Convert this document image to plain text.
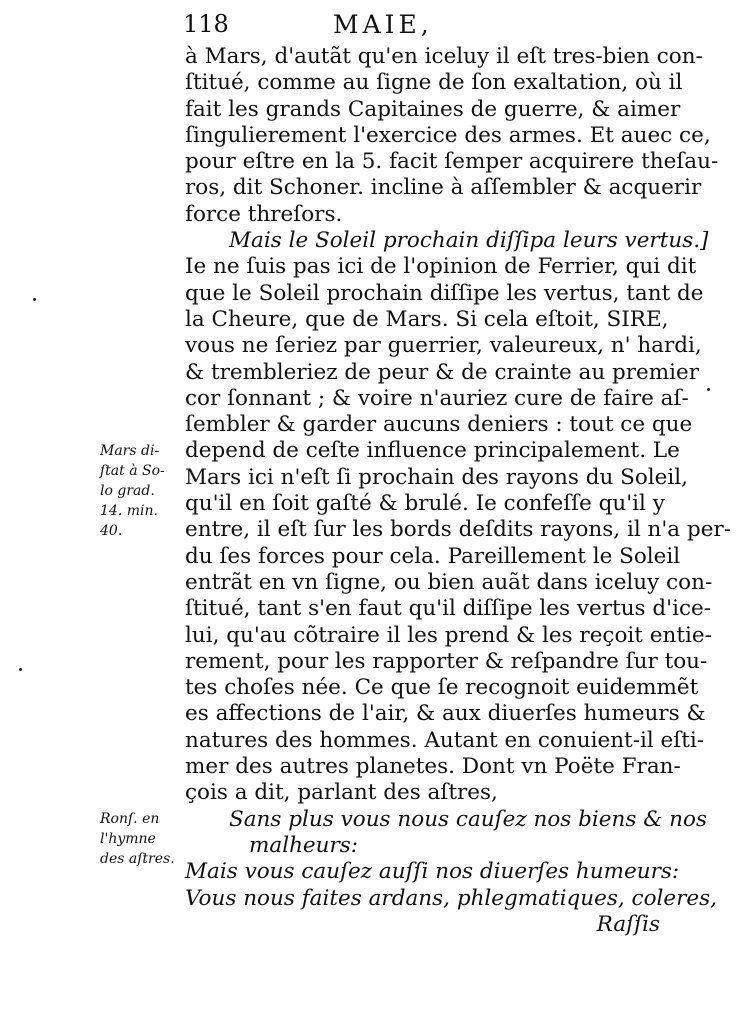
118	MAIE,
à Mars, d'autãt qu'en iceluy il eſt tres-bien con-
ſtitué, comme au ſigne de ſon exaltation, où il
fait les grands Capitaines de guerre, & aimer
ſingulierement l'exercice des armes. Et auec ce,
pour eſtre en la 5. facit ſemper acquirere theſau-
ros, dit Schoner. incline à aſſembler & acquerir
force threſors.
Mais le Soleil prochain diſſipa leurs vertus.]
Ie ne ſuis pas ici de l'opinion de Ferrier, qui dit
que le Soleil prochain diſſipe les vertus, tant de
la Cheure, que de Mars. Si cela eſtoit, SIRE,
vous ne ſeriez par guerrier, valeureux, n' hardi,
& trembleriez de peur & de crainte au premier
cor ſonnant ; & voire n'auriez cure de faire aſ-
ſembler & garder aucuns deniers : tout ce que
depend de ceſte influence principalement. Le
Mars ici n'eſt ſi prochain des rayons du Soleil,
qu'il en ſoit gaſté & brulé. Ie confeſſe qu'il y
entre, il eſt ſur les bords deſdits rayons, il n'a per-
du ſes forces pour cela. Pareillement le Soleil
entrãt en vn ſigne, ou bien auãt dans iceluy con-
ſtitué, tant s'en faut qu'il diſſipe les vertus d'ice-
lui, qu'au cõtraire il les prend & les reçoit entie-
rement, pour les rapporter & reſpandre ſur tou-
tes choſes née. Ce que ſe recognoit euidemmẽt
es affections de l'air, & aux diuerſes humeurs &
natures des hommes. Autant en conuient-il eſti-
mer des autres planetes. Dont vn Poëte Fran-
çois a dit, parlant des aſtres,
Sans plus vous nous cauſez nos biens & nos
malheurs:
Mais vous cauſez auſſi nos diuerſes humeurs:
Vous nous faites ardans, phlegmatiques, coleres,
Raſſis
Mars di-
ſtat à So-
lo grad.
14. min.
40.
Ronſ. en
l'hymne
des aſtres.
